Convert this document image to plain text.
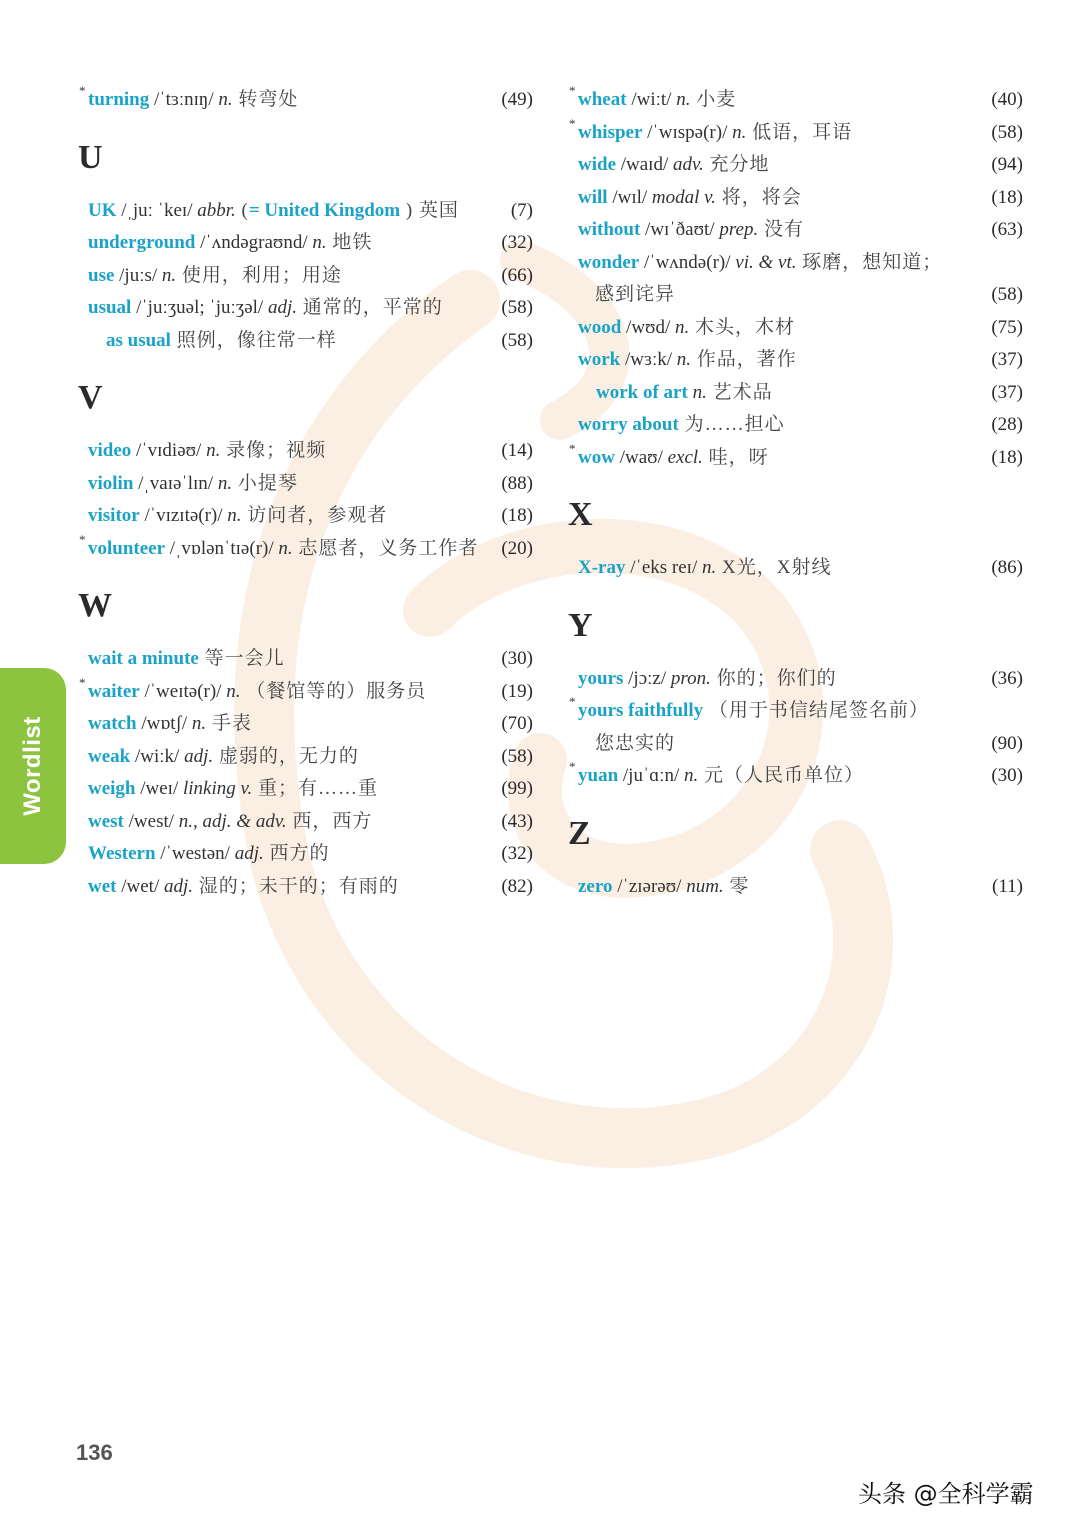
* turning /ˈtɜːnɪŋ/ n. 转弯处	(49)
U
UK /ˌjuː ˈkeɪ/ abbr. (= United Kingdom ) 英国	(7)
underground /ˈʌndəgraʊnd/ n. 地铁	(32)
use /juːs/ n. 使用，利用；用途	(66)
usual /ˈjuːʒuəl; ˈjuːʒəl/ adj. 通常的，平常的	(58)
as usual 照例，像往常一样	(58)
V
video /ˈvɪdiəʊ/ n. 录像；视频	(14)
violin /ˌvaɪəˈlɪn/ n. 小提琴	(88)
visitor /ˈvɪzɪtə(r)/ n. 访问者，参观者	(18)
* volunteer /ˌvɒlənˈtɪə(r)/ n. 志愿者，义务工作者 (20)
W
wait a minute 等一会儿	(30)
* waiter /ˈweɪtə(r)/ n. （餐馆等的）服务员	(19)
watch /wɒtʃ/ n. 手表	(70)
weak /wiːk/ adj. 虚弱的，无力的	(58)
weigh /weɪ/ linking v. 重；有……重	(99)
west /west/ n., adj. & adv. 西，西方	(43)
Western /ˈwestən/ adj. 西方的	(32)
wet /wet/ adj. 湿的；未干的；有雨的	(82)
* wheat /wiːt/ n. 小麦	(40)
* whisper /ˈwɪspə(r)/ n. 低语，耳语	(58)
wide /waɪd/ adv. 充分地	(94)
will /wɪl/ modal v. 将，将会	(18)
without /wɪˈðaʊt/ prep. 没有	(63)
wonder /ˈwʌndə(r)/ vi. & vt. 琢磨，想知道；
感到诧异	(58)
wood /wʊd/ n. 木头，木材	(75)
work /wɜːk/ n. 作品，著作	(37)
work of art n. 艺术品	(37)
worry about 为……担心	(28)
* wow /waʊ/ excl. 哇，呀	(18)
X
X-ray /ˈeks reɪ/ n. X光，X射线	(86)
Y
yours /jɔːz/ pron. 你的；你们的	(36)
* yours faithfully （用于书信结尾签名前）
您忠实的	(90)
* yuan /juˈɑːn/ n. 元（人民币单位）	(30)
Z
zero /ˈzɪərəʊ/ num. 零	(11)
Wordlist
136
头条 @全科学霸
